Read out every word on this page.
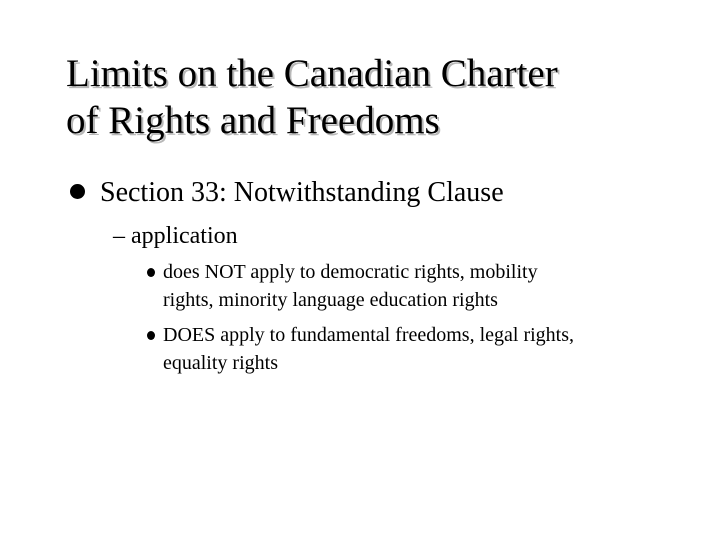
Limits on the Canadian Charter
of Rights and Freedoms
Section 33: Notwithstanding Clause
– application
does NOT apply to democratic rights, mobility
rights, minority language education rights
DOES apply to fundamental freedoms, legal rights,
equality rights
